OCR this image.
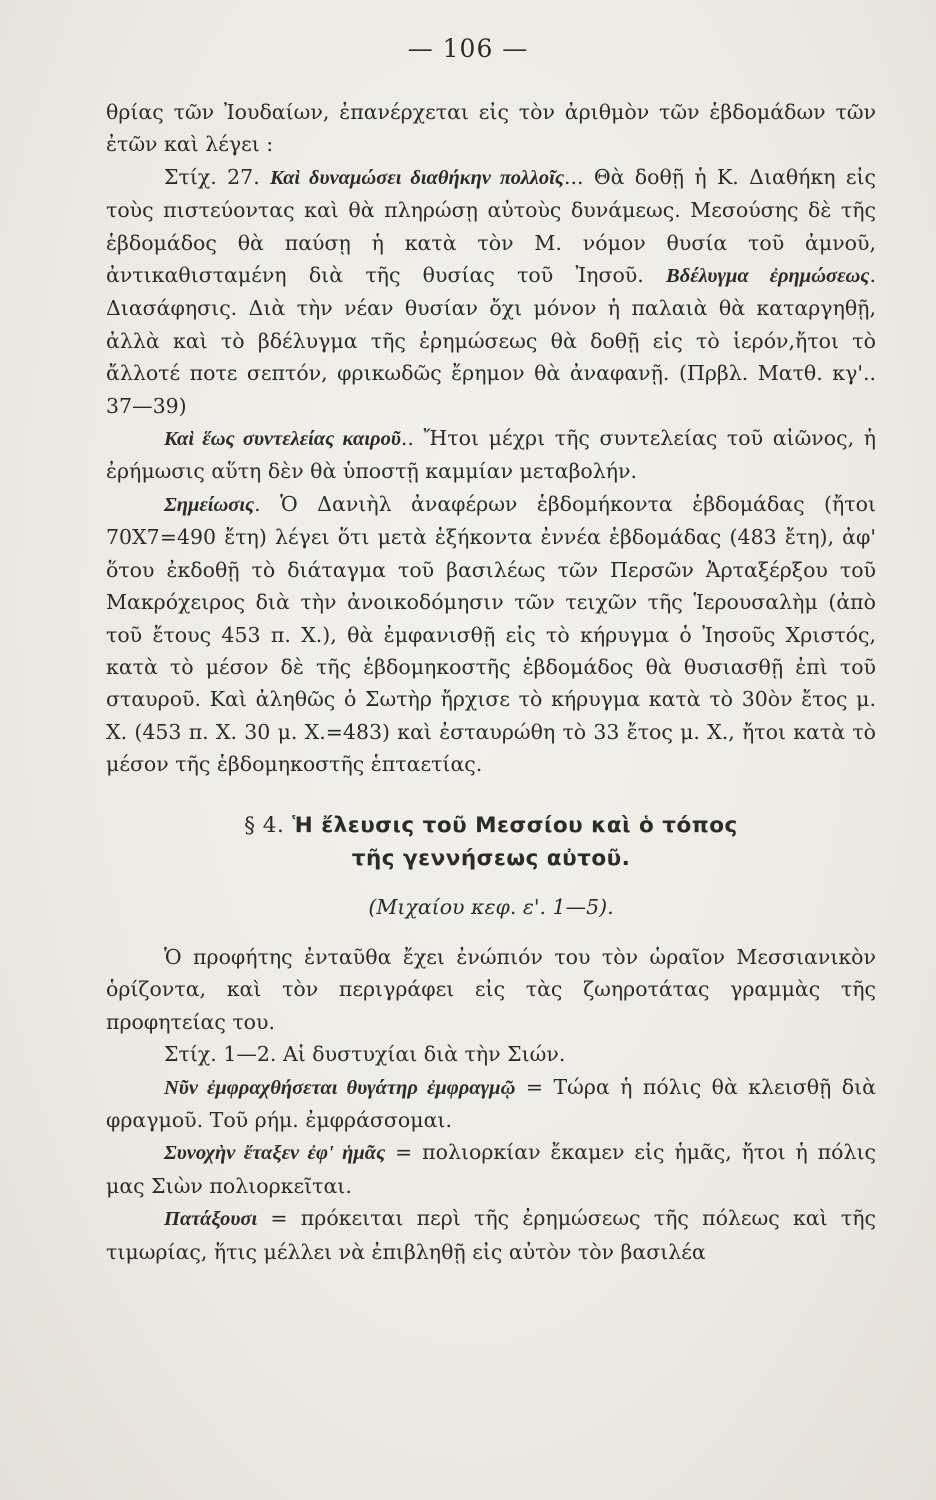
— 106 —

θρίας τῶν Ἰουδαίων, ἐπανέρχεται εἰς τὸν ἀριθμὸν τῶν ἑβδομάδων τῶν ἐτῶν καὶ λέγει :

Στίχ. 27. Καὶ δυναμώσει διαθήκην πολλοῖς... Θὰ δοθῇ ἡ Κ. Διαθήκη εἰς τοὺς πιστεύοντας καὶ θὰ πληρώσῃ αὐτοὺς δυνάμεως. Μεσούσης δὲ τῆς ἑβδομάδος θὰ παύσῃ ἡ κατὰ τὸν Μ. νόμον θυσία τοῦ ἀμνοῦ, ἀντικαθισταμένη διὰ τῆς θυσίας τοῦ Ἰησοῦ. Βδέλυγμα ἐρημώσεως. Διασάφησις. Διὰ τὴν νέαν θυσίαν ὄχι μόνον ἡ παλαιὰ θὰ καταργηθῇ, ἀλλὰ καὶ τὸ βδέλυγμα τῆς ἐρημώσεως θὰ δοθῇ εἰς τὸ ἱερόν,ἤτοι τὸ ἄλλοτέ ποτε σεπτόν, φρικωδῶς ἔρημον θὰ ἀναφανῇ. (Πρβλ. Ματθ. κγ'.. 37—39)

Καὶ ἕως συντελείας καιροῦ.. Ἤτοι μέχρι τῆς συντελείας τοῦ αἰῶνος, ἡ ἐρήμωσις αὕτη δὲν θὰ ὑποστῇ καμμίαν μεταβολήν.

Σημείωσις. Ὁ Δανιὴλ ἀναφέρων ἑβδομήκοντα ἑβδομάδας (ἤτοι 70Χ7=490 ἔτη) λέγει ὅτι μετὰ ἑξήκοντα ἐννέα ἑβδομάδας (483 ἔτη), ἀφ' ὅτου ἐκδοθῇ τὸ διάταγμα τοῦ βασιλέως τῶν Περσῶν Ἀρταξέρξου τοῦ Μακρόχειρος διὰ τὴν ἀνοικοδόμησιν τῶν τειχῶν τῆς Ἱερουσαλὴμ (ἀπὸ τοῦ ἔτους 453 π. Χ.), θὰ ἐμφανισθῇ εἰς τὸ κήρυγμα ὁ Ἰησοῦς Χριστός, κατὰ τὸ μέσον δὲ τῆς ἑβδομηκοστῆς ἑβδομάδος θὰ θυσιασθῇ ἐπὶ τοῦ σταυροῦ. Καὶ ἀληθῶς ὁ Σωτὴρ ἤρχισε τὸ κήρυγμα κατὰ τὸ 30ὸν ἔτος μ. Χ. (453 π. Χ. 30 μ. Χ.=483) καὶ ἐσταυρώθη τὸ 33 ἔτος μ. Χ., ἤτοι κατὰ τὸ μέσον τῆς ἑβδομηκοστῆς ἑπταετίας.

§ 4. Ἡ ἔλευσις τοῦ Μεσσίου καὶ ὁ τόπος
τῆς γεννήσεως αὐτοῦ.
(Μιχαίου κεφ. ε'. 1—5).

Ὁ προφήτης ἐνταῦθα ἔχει ἐνώπιόν του τὸν ὡραῖον Μεσσιανικὸν ὁρίζοντα, καὶ τὸν περιγράφει εἰς τὰς ζωηροτάτας γραμμὰς τῆς προφητείας του.

Στίχ. 1—2. Αἱ δυστυχίαι διὰ τὴν Σιών.

Νῦν ἐμφραχθήσεται θυγάτηρ ἐμφραγμῷ = Τώρα ἡ πόλις θὰ κλεισθῇ διὰ φραγμοῦ. Τοῦ ρήμ. ἐμφράσσομαι.

Συνοχὴν ἔταξεν ἐφ' ἡμᾶς = πολιορκίαν ἔκαμεν εἰς ἡμᾶς, ἤτοι ἡ πόλις μας Σιὼν πολιορκεῖται.

Πατάξουσι = πρόκειται περὶ τῆς ἐρημώσεως τῆς πόλεως καὶ τῆς τιμωρίας, ἥτις μέλλει νὰ ἐπιβληθῇ εἰς αὐτὸν τὸν βασιλέα
